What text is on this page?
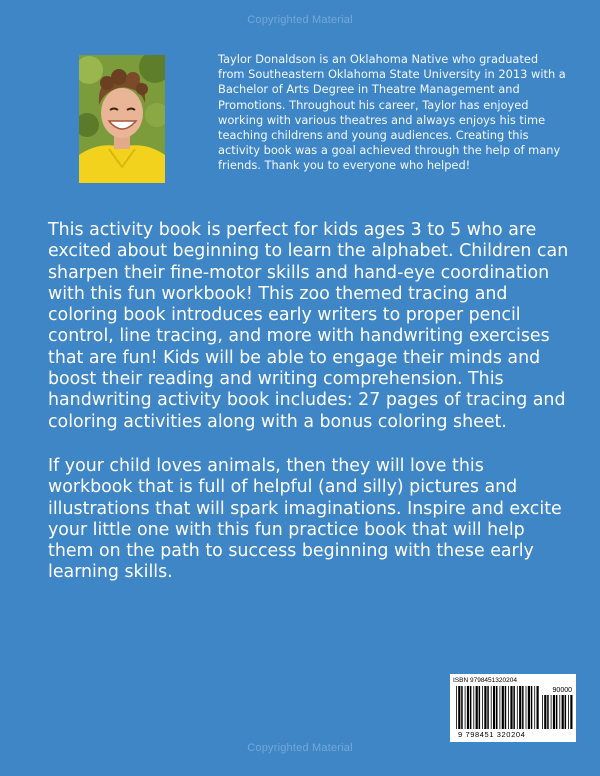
Copyrighted Material

Taylor Donaldson is an Oklahoma Native who graduated from Southeastern Oklahoma State University in 2013 with a Bachelor of Arts Degree in Theatre Management and Promotions. Throughout his career, Taylor has enjoyed working with various theatres and always enjoys his time teaching childrens and young audiences. Creating this activity book was a goal achieved through the help of many friends. Thank you to everyone who helped!

This activity book is perfect for kids ages 3 to 5 who are excited about beginning to learn the alphabet. Children can sharpen their fine-motor skills and hand-eye coordination with this fun workbook! This zoo themed tracing and coloring book introduces early writers to proper pencil control, line tracing, and more with handwriting exercises that are fun! Kids will be able to engage their minds and boost their reading and writing comprehension. This handwriting activity book includes: 27 pages of tracing and coloring activities along with a bonus coloring sheet.

If your child loves animals, then they will love this workbook that is full of helpful (and silly) pictures and illustrations that will spark imaginations. Inspire and excite your little one with this fun practice book that will help them on the path to success beginning with these early learning skills.

ISBN 9798451320204
90000
9 798451 320204
Copyrighted Material
